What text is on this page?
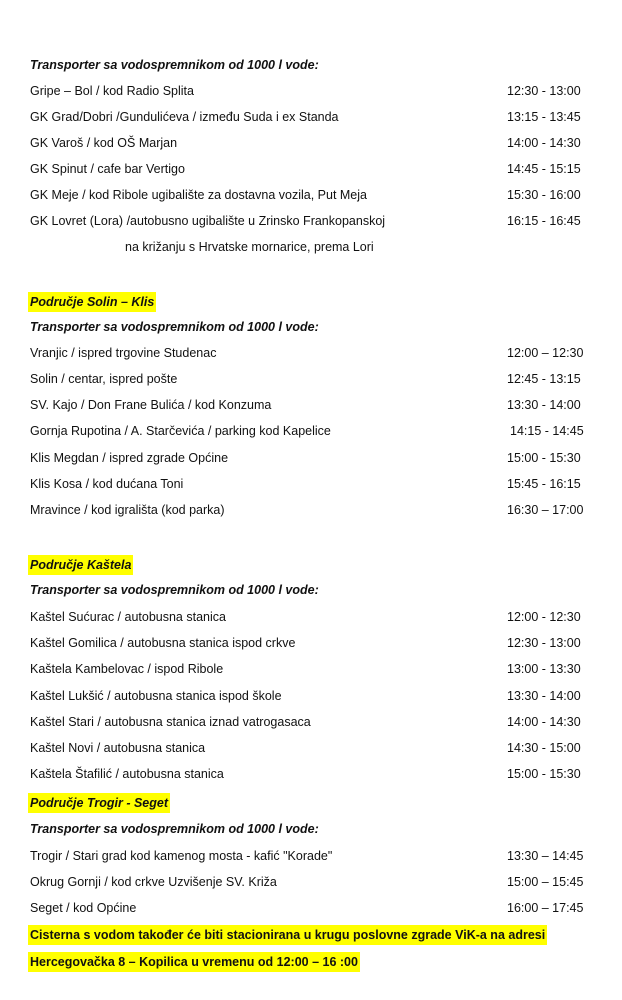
Transporter sa vodospremnikom od 1000 l vode:
Gripe – Bol / kod Radio Splita	12:30 - 13:00
GK Grad/Dobri /Gundulićeva / između Suda i ex Standa	13:15 - 13:45
GK Varoš / kod OŠ Marjan	14:00 - 14:30
GK Spinut / cafe bar Vertigo	14:45 - 15:15
GK Meje / kod Ribole ugibalište za dostavna vozila, Put Meja	15:30 - 16:00
GK Lovret (Lora) /autobusno ugibalište u Zrinsko Frankopanskoj	16:15 - 16:45
na križanju s Hrvatske mornarice, prema Lori
Područje Solin – Klis
Transporter sa vodospremnikom od 1000 l vode:
Vranjic / ispred trgovine Studenac	12:00 – 12:30
Solin / centar, ispred pošte	12:45 - 13:15
SV. Kajo / Don Frane Bulića / kod Konzuma	13:30 - 14:00
Gornja Rupotina / A. Starčevića / parking kod Kapelice	14:15 - 14:45
Klis Megdan / ispred zgrade Općine	15:00 - 15:30
Klis Kosa / kod dućana Toni	15:45 - 16:15
Mravince / kod igrališta (kod parka)	16:30 – 17:00
Područje Kaštela
Transporter sa vodospremnikom od 1000 l vode:
Kaštel Sućurac / autobusna stanica	12:00 - 12:30
Kaštel Gomilica / autobusna stanica ispod crkve	12:30 - 13:00
Kaštela Kambelovac / ispod Ribole	13:00 - 13:30
Kaštel Lukšić / autobusna stanica ispod škole	13:30 - 14:00
Kaštel Stari / autobusna stanica iznad vatrogasaca	14:00 - 14:30
Kaštel Novi / autobusna stanica	14:30 - 15:00
Kaštela Štafilić / autobusna stanica	15:00 - 15:30
Područje Trogir - Seget
Transporter sa vodospremnikom od 1000 l vode:
Trogir / Stari grad kod kamenog mosta - kafić "Korade"	13:30 – 14:45
Okrug Gornji / kod crkve Uzvišenje SV. Križa	15:00 – 15:45
Seget / kod Općine	16:00 – 17:45
Cisterna s vodom također će biti stacionirana u krugu poslovne zgrade ViK-a na adresi
Hercegovačka 8 – Kopilica u vremenu od 12:00 – 16 :00
